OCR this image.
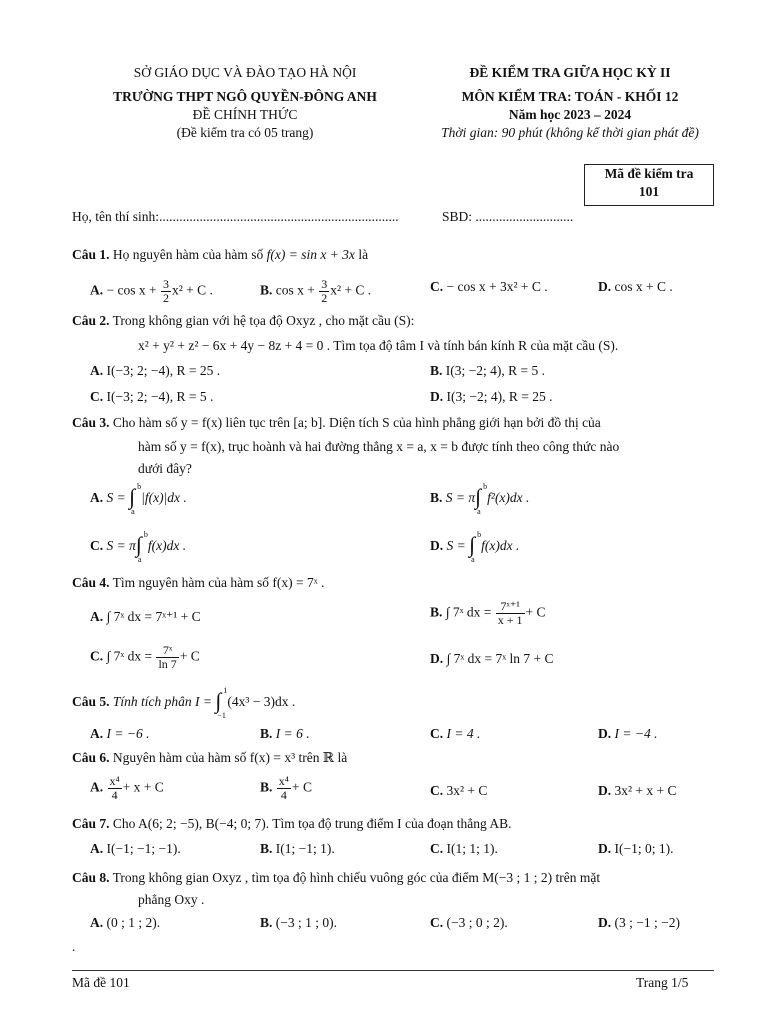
SỞ GIÁO DỤC VÀ ĐÀO TẠO HÀ NỘI
TRƯỜNG THPT NGÔ QUYỀN-ĐÔNG ANH
ĐỀ CHÍNH THỨC
(Đề kiểm tra có 05 trang)
ĐỀ KIỂM TRA GIỮA HỌC KỲ II
MÔN KIỂM TRA: TOÁN - KHỐI 12
Năm học 2023 – 2024
Thời gian: 90 phút (không kể thời gian phát đề)
Mã đề kiểm tra
101
Họ, tên thí sinh:.......................................................................	SBD: .............................
Câu 1. Họ nguyên hàm của hàm số f(x) = sin x + 3x là
A. − $\cos x + \frac{3}{2} x^2 + C$ .	B. $\cos x + \frac{3}{2} x^2 + C$ .	C. − cos x + 3x² + C .	D. cos x + C .
Câu 2. Trong không gian với hệ tọa độ Oxyz , cho mặt cầu (S):
x² + y² + z² − 6x + 4y − 8z + 4 = 0 . Tìm tọa độ tâm I và tính bán kính R của mặt cầu (S).
A. I(−3; 2; −4), R = 25 .	B. I(3; −2; 4), R = 5 .
C. I(−3; 2; −4), R = 5 .	D. I(3; −2; 4), R = 25 .
Câu 3. Cho hàm số y = f(x) liên tục trên [a; b]. Diện tích S của hình phẳng giới hạn bởi đồ thị của
hàm số y = f(x), trục hoành và hai đường thẳng x = a, x = b được tính theo công thức nào
dưới đây?
A. S = ∫ b
a
|f(x)|dx .	B. S = π ∫ b
a
f²(x)dx .
C. S = π ∫ b
a
f(x)dx .	D. S = ∫ b
a
f(x)dx .
Câu 4. Tìm nguyên hàm của hàm số f(x) = 7ˣ .
A. ∫ 7ˣ dx = 7ˣ⁺¹ + C	B. ∫ 7ˣ dx = $\frac{\text{7ˣ⁺¹}}{x + 1} + C$
C. ∫ 7ˣ dx = $\frac{\text{7ˣ}}{\ln 7} + C$	D. ∫ 7ˣ dx = 7ˣ ln 7 + C
Câu 5. Tính tích phân I = ∫ 1
−1
(4x³ − 3)dx .
A. I = −6 .	B. I = 6 .	C. I = 4 .	D. I = −4 .
Câu 6. Nguyên hàm của hàm số f(x) = x³ trên ℝ là
A. $\frac{\text{x⁴}}{4} + x + C$	B. $\frac{\text{x⁴}}{4} + C$	C. 3x² + C	D. 3x² + x + C
Câu 7. Cho A(6; 2; −5), B(−4; 0; 7). Tìm tọa độ trung điểm I của đoạn thẳng AB.
A. I(−1; −1; −1).	B. I(1; −1; 1).	C. I(1; 1; 1).	D. I(−1; 0; 1).
Câu 8. Trong không gian Oxyz , tìm tọa độ hình chiếu vuông góc của điểm M(−3 ; 1 ; 2) trên mặt
phẳng Oxy .
A. (0 ; 1 ; 2).	B. (−3 ; 1 ; 0).	C. (−3 ; 0 ; 2).	D. (3 ; −1 ; −2)
.
Mã đề 101	Trang 1/5
